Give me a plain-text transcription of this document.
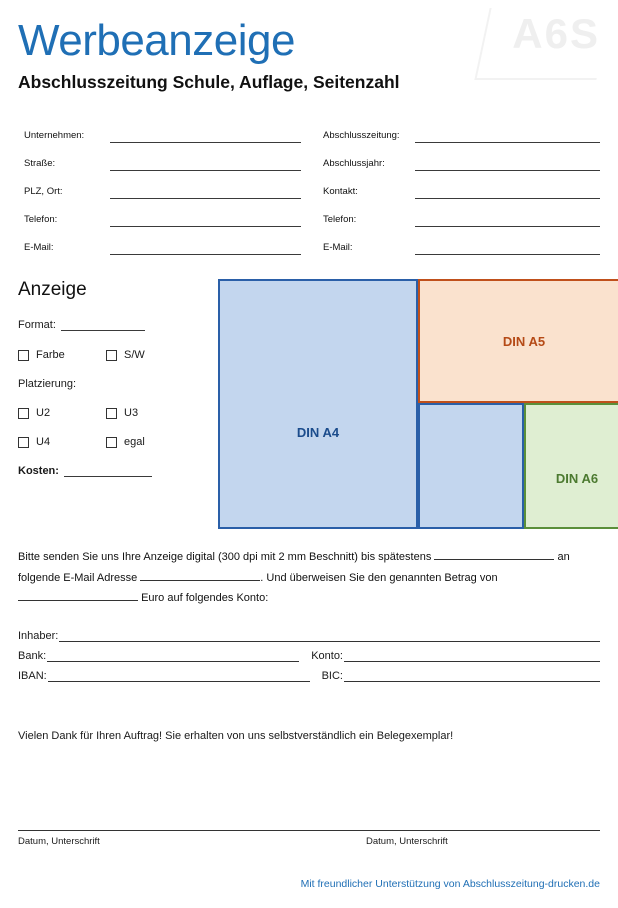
A6S
Werbeanzeige
Abschlusszeitung Schule, Auflage, Seitenzahl
Unternehmen:	Abschlusszeitung:
Straße:	Abschlussjahr:
PLZ, Ort:	Kontakt:
Telefon:	Telefon:
E-Mail:	E-Mail:
Anzeige
Format:
Farbe	S/W
Platzierung:
U2	U3
U4	egal
Kosten:
DIN A4
DIN A5
DIN A6
Bitte senden Sie uns Ihre Anzeige digital (300 dpi mit 2 mm Beschnitt) bis spätestens	an folgende E-Mail Adresse	. Und überweisen Sie den genannten Betrag von  Euro auf folgendes Konto:
Inhaber:
Bank:	Konto:
IBAN:	BIC:
Vielen Dank für Ihren Auftrag! Sie erhalten von uns selbstverständlich ein Belegexemplar!
Datum, Unterschrift	Datum, Unterschrift
Mit freundlicher Unterstützung von Abschlusszeitung-drucken.de
